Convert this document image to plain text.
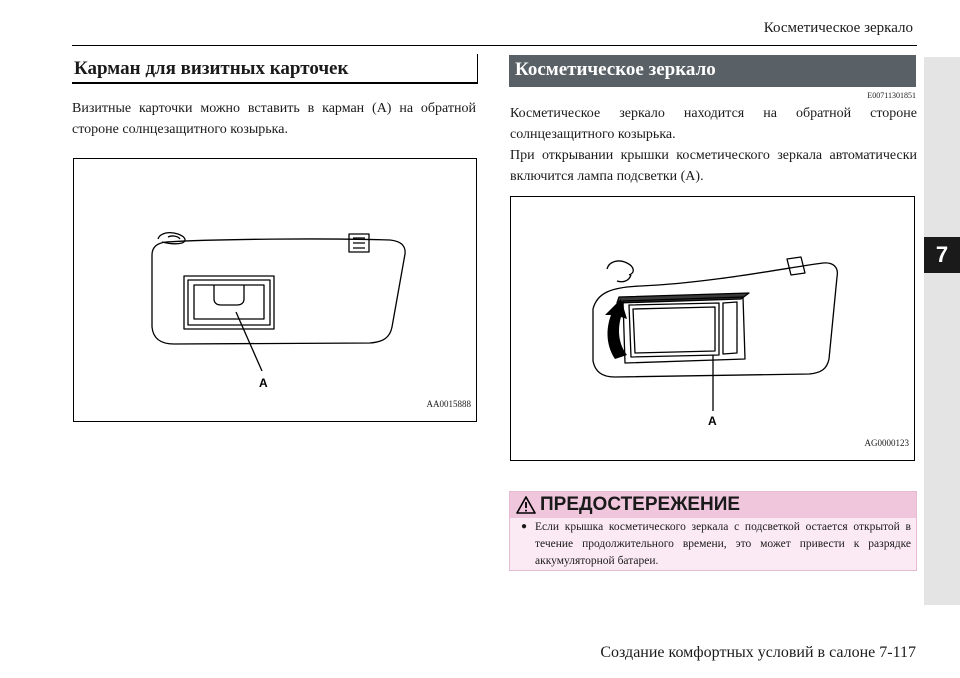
Косметическое зеркало
7
Карман для визитных карточек
Визитные карточки можно вставить в карман (A) на обратной стороне солнцезащитного козырька.
A
AA0015888
Косметическое зеркало
E00711301851

Косметическое зеркало находится на обратной стороне солнцезащитного козырька.

При открывании крышки косметического зеркала автоматически включится лампа подсветки (A).

A
AG0000123
ПРЕДОСТЕРЕЖЕНИЕ
● Если крышка косметического зеркала с подсветкой остается открытой в течение продолжительного времени, это может привести к разрядке аккумуляторной батареи.
Создание комфортных условий в салоне 7-117
